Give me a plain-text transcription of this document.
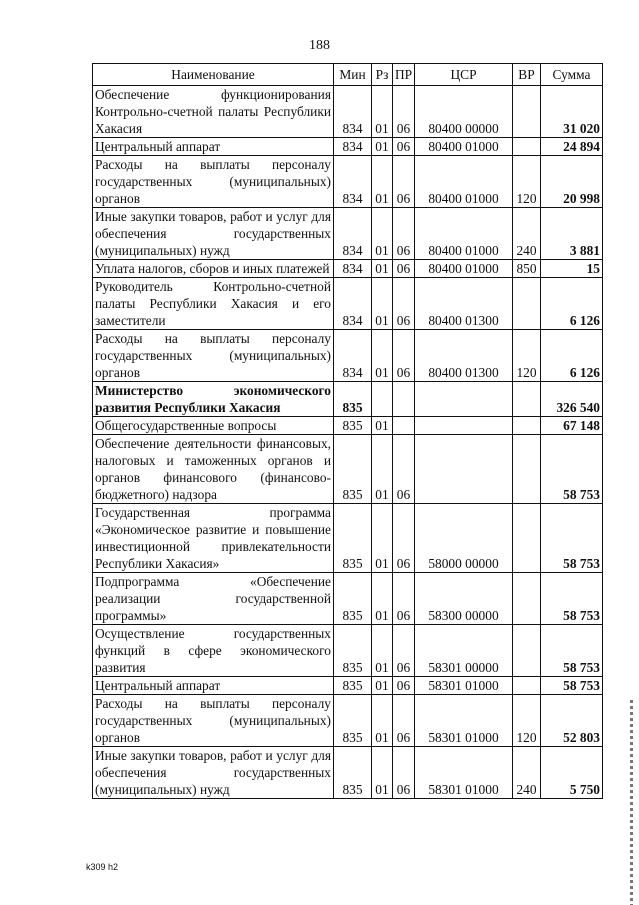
188
Наименование	Мин	Рз	ПР	ЦСР	ВР	Сумма
Обеспечение функционирования Контрольно-счетной палаты Республики Хакасия	834	01	06	80400 00000		31 020
Центральный аппарат	834	01	06	80400 01000		24 894
Расходы на выплаты персоналу государственных (муниципальных) органов	834	01	06	80400 01000	120	20 998
Иные закупки товаров, работ и услуг для обеспечения государственных (муниципальных) нужд	834	01	06	80400 01000	240	3 881
Уплата налогов, сборов и иных платежей	834	01	06	80400 01000	850	15
Руководитель Контрольно-счетной палаты Республики Хакасия и его заместители	834	01	06	80400 01300		6 126
Расходы на выплаты персоналу государственных (муниципальных) органов	834	01	06	80400 01300	120	6 126
Министерство экономического развития Республики Хакасия	835					326 540
Общегосударственные вопросы	835	01				67 148
Обеспечение деятельности финансовых, налоговых и таможенных органов и органов финансового (финансово-бюджетного) надзора	835	01	06			58 753
Государственная программа «Экономическое развитие и повышение инвестиционной привлекательности Республики Хакасия»	835	01	06	58000 00000		58 753
Подпрограмма «Обеспечение реализации государственной программы»	835	01	06	58300 00000		58 753
Осуществление государственных функций в сфере экономического развития	835	01	06	58301 00000		58 753
Центральный аппарат	835	01	06	58301 01000		58 753
Расходы на выплаты персоналу государственных (муниципальных) органов	835	01	06	58301 01000	120	52 803
Иные закупки товаров, работ и услуг для обеспечения государственных (муниципальных) нужд	835	01	06	58301 01000	240	5 750
k309 h2
